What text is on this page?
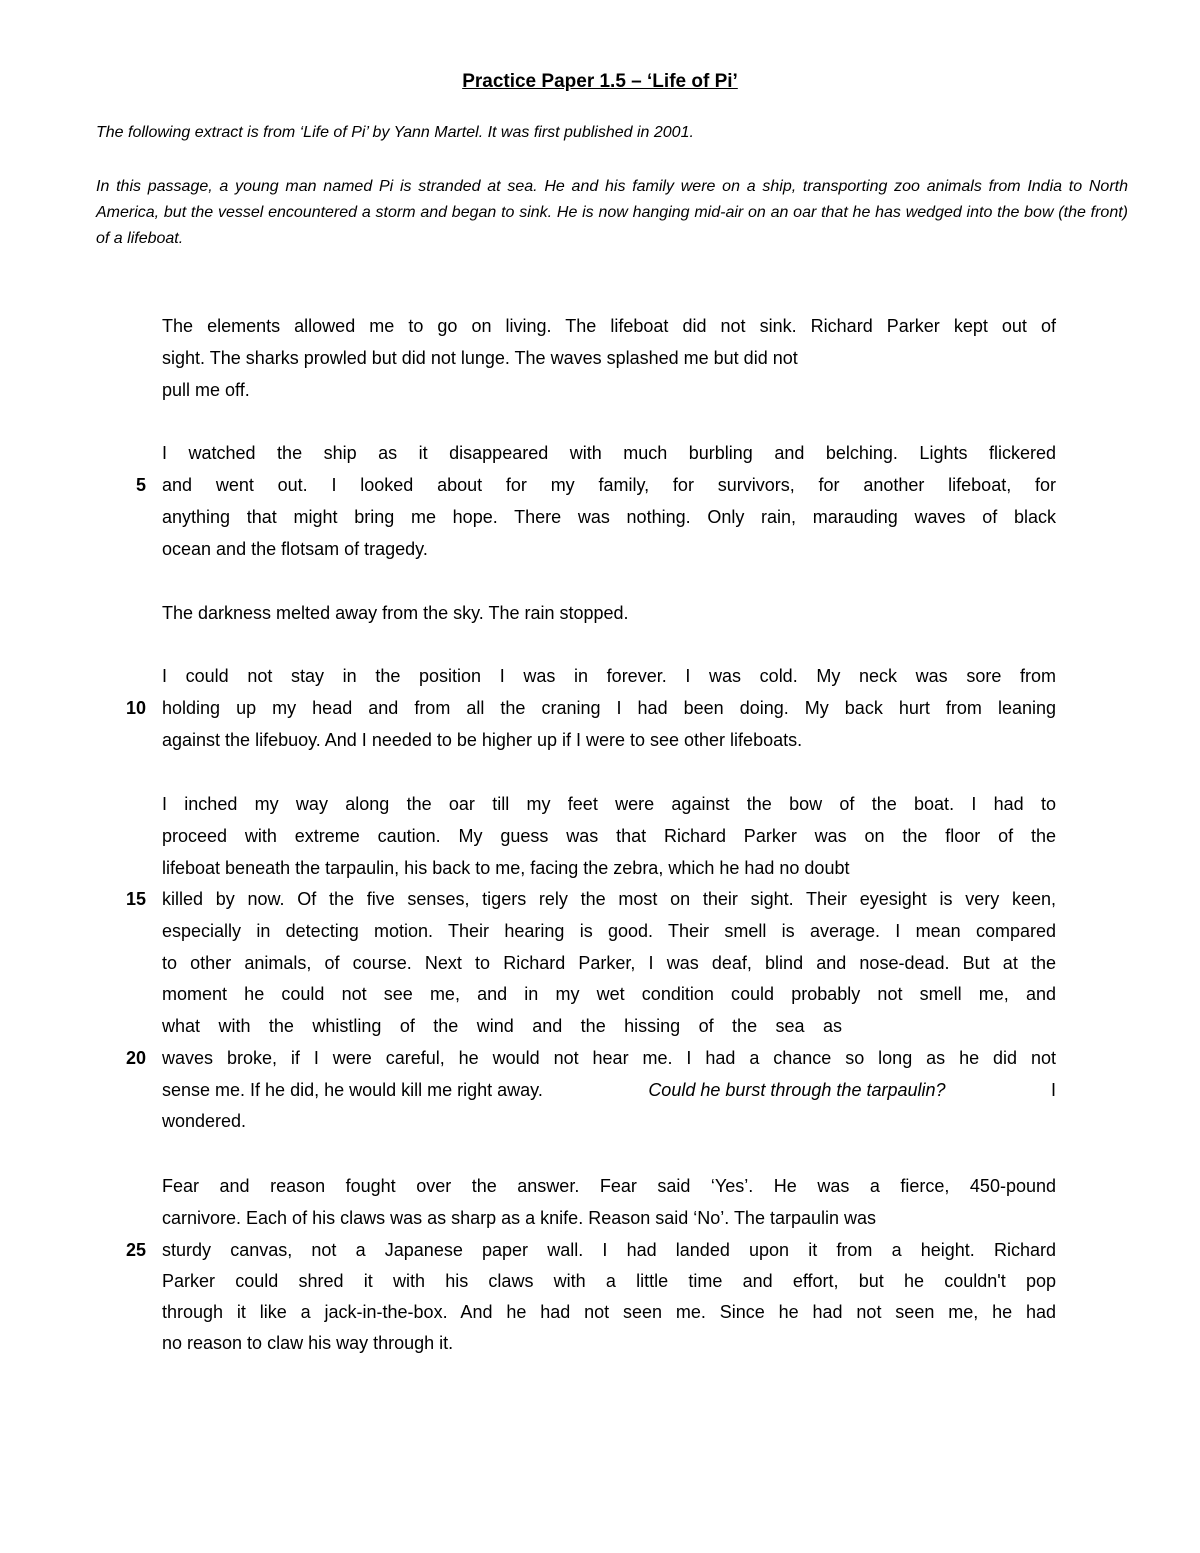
Practice Paper 1.5 – ‘Life of Pi’

The following extract is from ‘Life of Pi’ by Yann Martel. It was first published in 2001.

In this passage, a young man named Pi is stranded at sea. He and his family were on a ship, transporting zoo animals from India to North America, but the vessel encountered a storm and began to sink. He is now hanging mid-air on an oar that he has wedged into the bow (the front) of a lifeboat.

The elements allowed me to go on living. The lifeboat did not sink. Richard Parker kept out of
sight. The sharks prowled but did not lunge. The waves splashed me but did not
pull me off.
I watched the ship as it disappeared with much burbling and belching. Lights flickered
5 and went out. I looked about for my family, for survivors, for another lifeboat, for
anything that might bring me hope. There was nothing. Only rain, marauding waves of black
ocean and the flotsam of tragedy.
The darkness melted away from the sky. The rain stopped.
I could not stay in the position I was in forever. I was cold. My neck was sore from
10 holding up my head and from all the craning I had been doing. My back hurt from leaning
against the lifebuoy. And I needed to be higher up if I were to see other lifeboats.
I inched my way along the oar till my feet were against the bow of the boat. I had to
proceed with extreme caution. My guess was that Richard Parker was on the floor of the
lifeboat beneath the tarpaulin, his back to me, facing the zebra, which he had no doubt
15 killed by now. Of the five senses, tigers rely the most on their sight. Their eyesight is very keen,
especially in detecting motion. Their hearing is good. Their smell is average. I mean compared
to other animals, of course. Next to Richard Parker, I was deaf, blind and nose-dead. But at the
moment he could not see me, and in my wet condition could probably not smell me, and
what with the whistling of the wind and the hissing of the sea as
20 waves broke, if I were careful, he would not hear me. I had a chance so long as he did not
sense me. If he did, he would kill me right away.	Could he burst through the tarpaulin?	I
wondered.
Fear and reason fought over the answer. Fear said ‘Yes’. He was a fierce, 450-pound
carnivore. Each of his claws was as sharp as a knife. Reason said ‘No’. The tarpaulin was
25 sturdy canvas, not a Japanese paper wall. I had landed upon it from a height. Richard
Parker could shred it with his claws with a little time and effort, but he couldn't pop
through it like a jack-in-the-box. And he had not seen me. Since he had not seen me, he had
no reason to claw his way through it.
